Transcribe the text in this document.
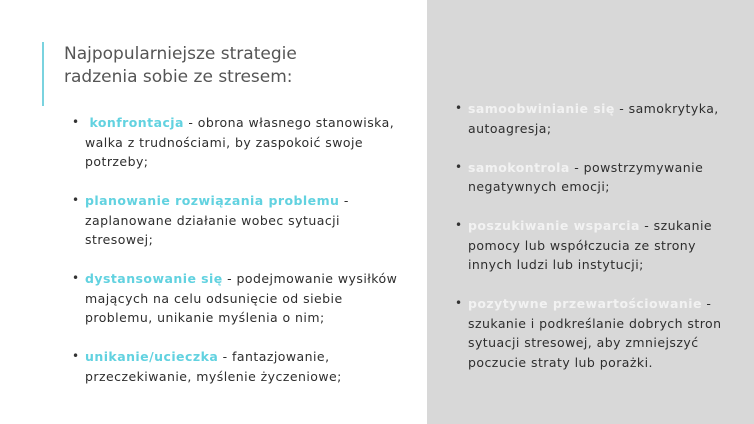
Najpopularniejsze strategie
radzenia sobie ze stresem:
• konfrontacja - obrona własnego stanowiska, walka z trudnościami, by zaspokoić swoje potrzeby;
• planowanie rozwiązania problemu - zaplanowane działanie wobec sytuacji stresowej;
• dystansowanie się - podejmowanie wysiłków mających na celu odsunięcie od siebie problemu, unikanie myślenia o nim;
• unikanie/ucieczka - fantazjowanie, przeczekiwanie, myślenie życzeniowe;
• samoobwinianie się - samokrytyka, autoagresja;
• samokontrola - powstrzymywanie negatywnych emocji;
• poszukiwanie wsparcia - szukanie pomocy lub współczucia ze strony innych ludzi lub instytucji;
• pozytywne przewartościowanie - szukanie i podkreślanie dobrych stron sytuacji stresowej, aby zmniejszyć poczucie straty lub porażki.
